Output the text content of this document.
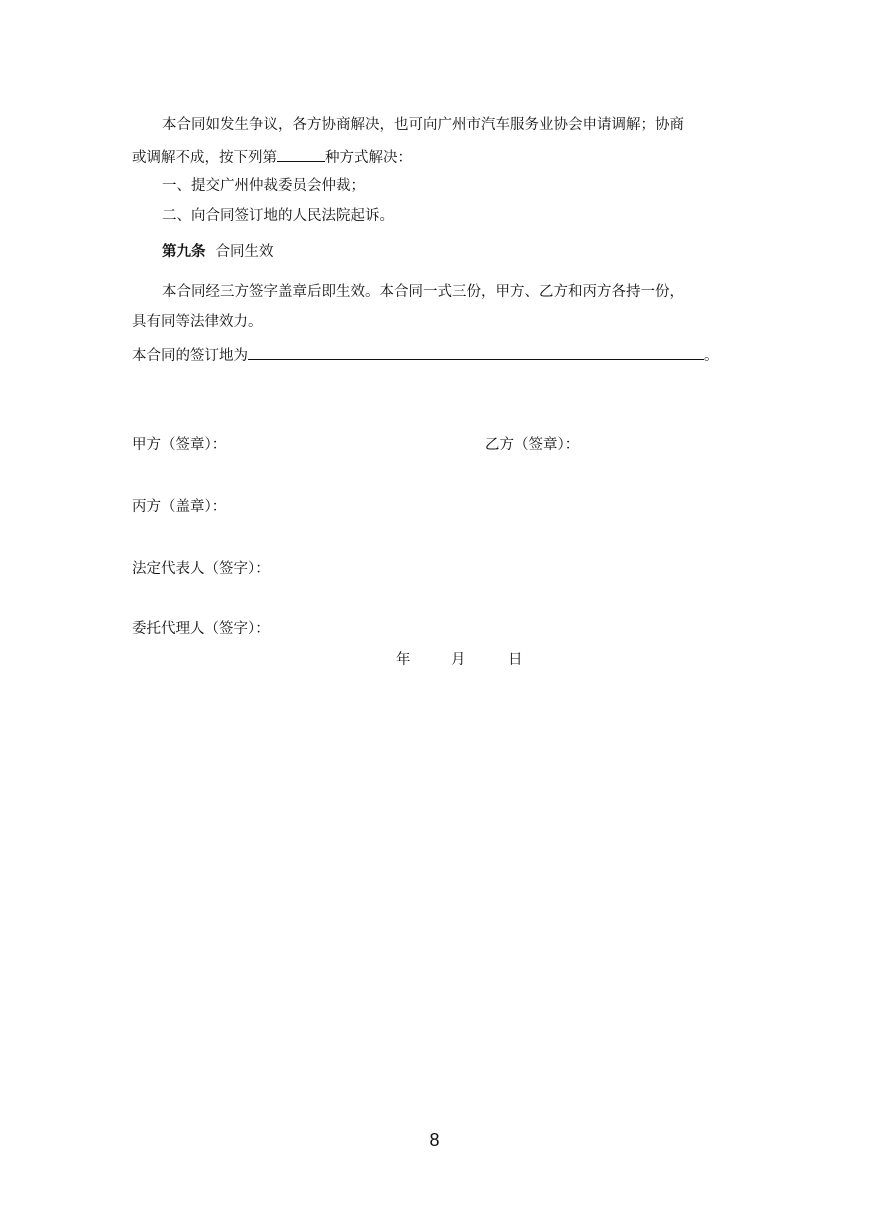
本合同如发生争议，各方协商解决，也可向广州市汽车服务业协会申请调解；协商
或调解不成，按下列第	种方式解决：
一、提交广州仲裁委员会仲裁；
二、向合同签订地的人民法院起诉。
第九条 合同生效
本合同经三方签字盖章后即生效。本合同一式三份，甲方、乙方和丙方各持一份，
具有同等法律效力。
本合同的签订地为	。
甲方（签章）：	乙方（签章）：
丙方（盖章）：
法定代表人（签字）：
委托代理人（签字）：
年	月	日
8
